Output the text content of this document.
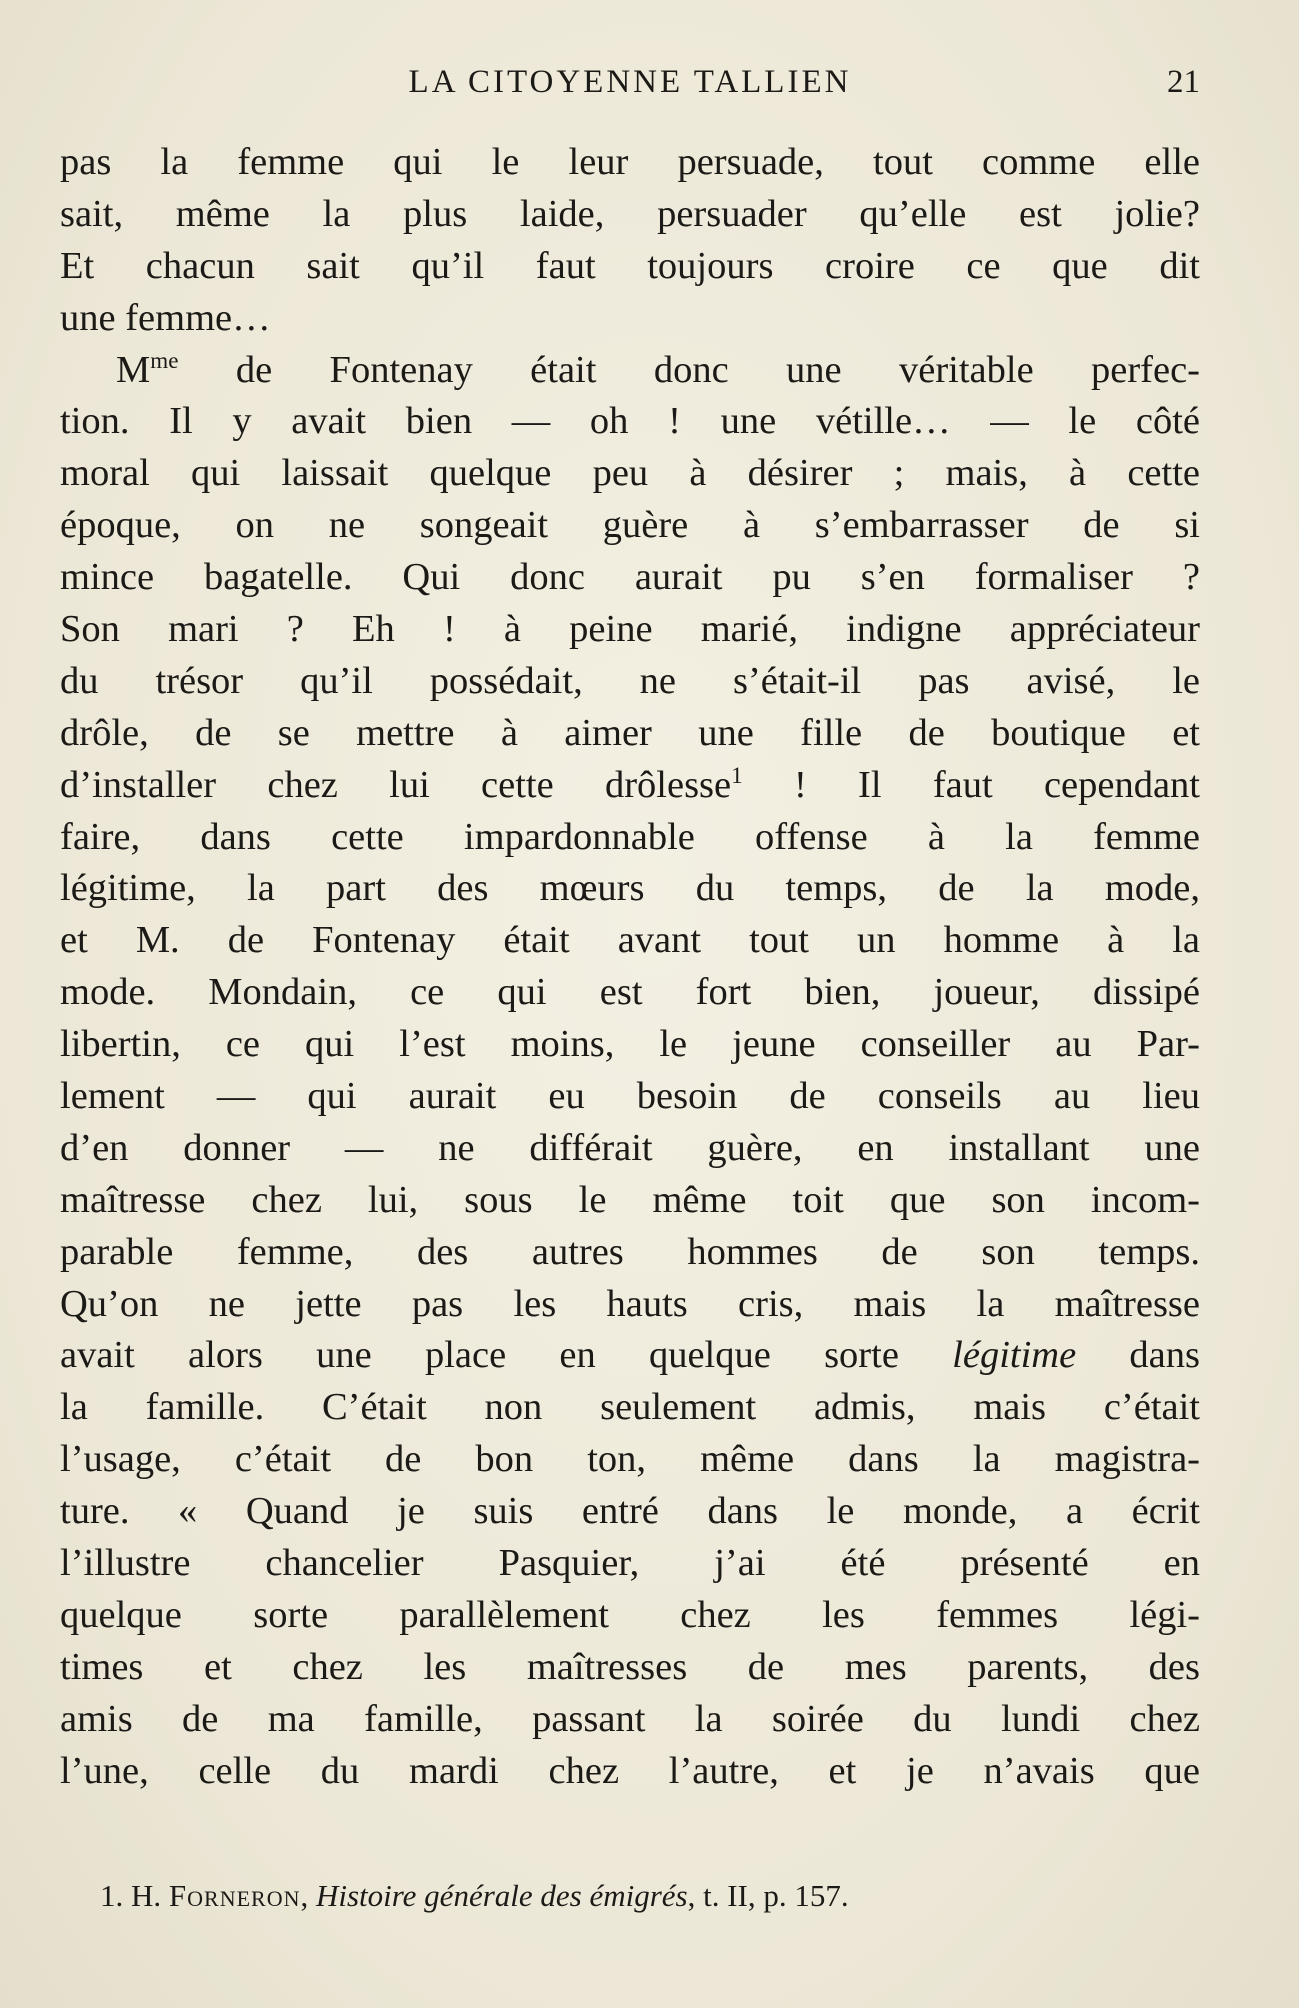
LA CITOYENNE TALLIEN	21
pas la femme qui le leur persuade, tout comme elle
sait, même la plus laide, persuader qu’elle est jolie?
Et chacun sait qu’il faut toujours croire ce que dit
une femme…
$M^{me}$ de Fontenay était donc une véritable perfec-
tion. Il y avait bien — oh ! une vétille… — le côté
moral qui laissait quelque peu à désirer ; mais, à cette
époque, on ne songeait guère à s’embarrasser de si
mince bagatelle. Qui donc aurait pu s’en formaliser ?
Son mari ? Eh ! à peine marié, indigne appréciateur
du trésor qu’il possédait, ne s’était-il pas avisé, le
drôle, de se mettre à aimer une fille de boutique et
d’installer chez lui cette drôlesse$^1$ ! Il faut cependant
faire, dans cette impardonnable offense à la femme
légitime, la part des mœurs du temps, de la mode,
et M. de Fontenay était avant tout un homme à la
mode. Mondain, ce qui est fort bien, joueur, dissipé
libertin, ce qui l’est moins, le jeune conseiller au Par-
lement — qui aurait eu besoin de conseils au lieu
d’en donner — ne différait guère, en installant une
maîtresse chez lui, sous le même toit que son incom-
parable femme, des autres hommes de son temps.
Qu’on ne jette pas les hauts cris, mais la maîtresse
avait alors une place en quelque sorte légitime dans
la famille. C’était non seulement admis, mais c’était
l’usage, c’était de bon ton, même dans la magistra-
ture. « Quand je suis entré dans le monde, a écrit
l’illustre chancelier Pasquier, j’ai été présenté en
quelque sorte parallèlement chez les femmes légi-
times et chez les maîtresses de mes parents, des
amis de ma famille, passant la soirée du lundi chez
l’une, celle du mardi chez l’autre, et je n’avais que
1. H. Forneron, Histoire générale des émigrés, t. II, p. 157.
